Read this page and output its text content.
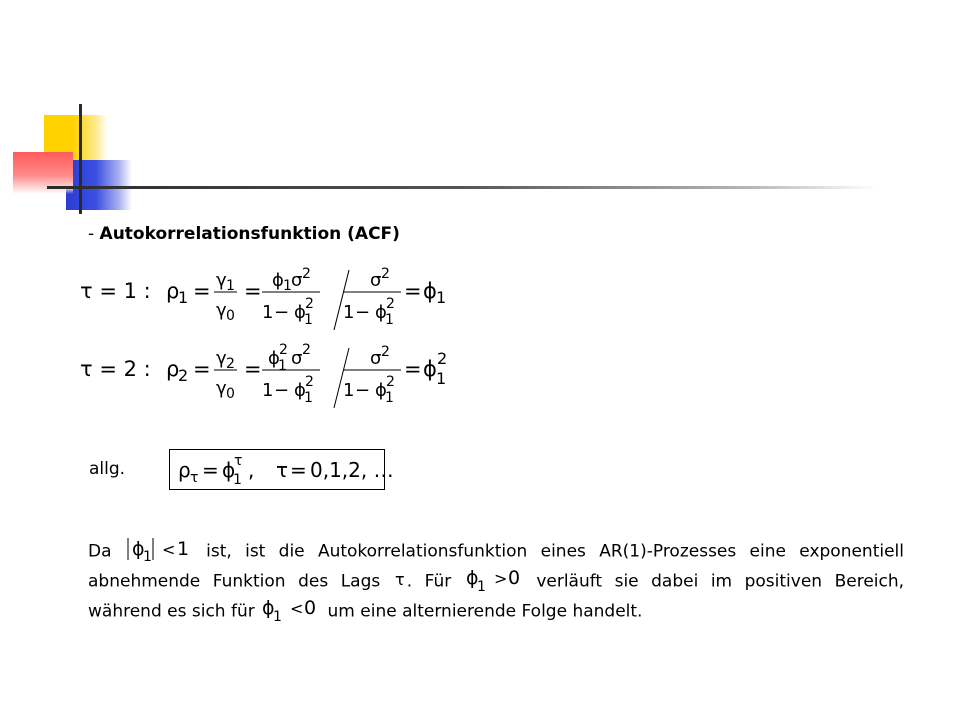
- Autokorrelationsfunktion (ACF)
τ = 1 : ρ
1 = γ 1
γ 0
= ϕ 1 σ 2
1 − ϕ
1
2
σ 2
1 − ϕ
1
2
= ϕ 1
τ = 2 : ρ
2 = γ 2
γ 0
= ϕ
1
2 σ 2
1 − ϕ
1
2
σ 2
1 − ϕ
1
2
= ϕ 1
2
allg.	ρ τ = ϕ
1
τ , τ = 0,1,2, …
Da ϕ
1 < 1 ist, ist die Autokorrelationsfunktion eines AR(1)-Prozesses eine exponentiell
abnehmende Funktion des Lags τ . Für ϕ
1 > 0 verläuft sie dabei im positiven Bereich,
während es sich für ϕ
1 < 0 um eine alternierende Folge handelt.
